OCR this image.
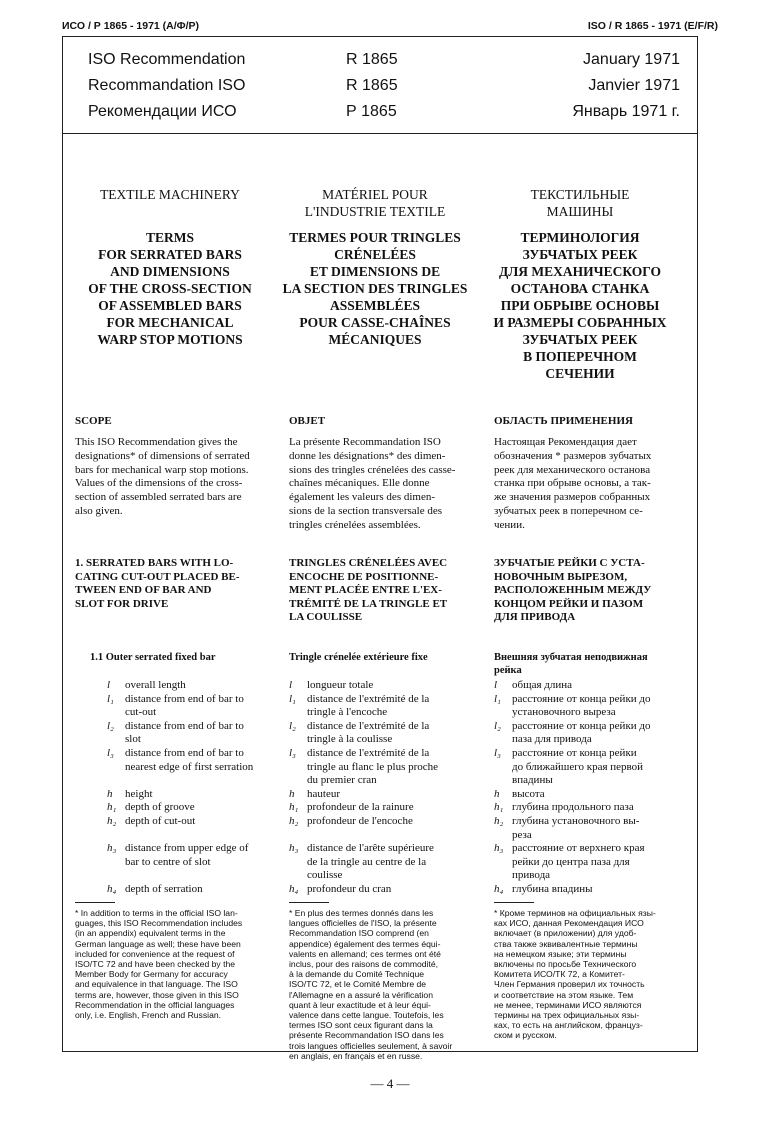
ИСО / Р 1865 - 1971 (А/Ф/Р)	ISO / R 1865 - 1971 (E/F/R)
ISO Recommendation	R 1865	January 1971
Recommandation ISO	R 1865	Janvier 1971
Рекомендации ИСО	Р 1865	Январь 1971 г.
TEXTILE MACHINERY
TERMS
FOR SERRATED BARS
AND DIMENSIONS
OF THE CROSS-SECTION
OF ASSEMBLED BARS
FOR MECHANICAL
WARP STOP MOTIONS
MATÉRIEL POUR
L'INDUSTRIE TEXTILE
TERMES POUR TRINGLES
CRÉNELÉES
ET DIMENSIONS DE
LA SECTION DES TRINGLES
ASSEMBLÉES
POUR CASSE-CHAÎNES
MÉCANIQUES
ТЕКСТИЛЬНЫЕ
МАШИНЫ
ТЕРМИНОЛОГИЯ
ЗУБЧАТЫХ РЕЕК
ДЛЯ МЕХАНИЧЕСКОГО
ОСТАНОВА СТАНКА
ПРИ ОБРЫВЕ ОСНОВЫ
И РАЗМЕРЫ СОБРАННЫХ
ЗУБЧАТЫХ РЕЕК
В ПОПЕРЕЧНОМ
СЕЧЕНИИ
SCOPE
This ISO Recommendation gives the
designations* of dimensions of serrated
bars for mechanical warp stop motions.
Values of the dimensions of the cross-
section of assembled serrated bars are
also given.
OBJET
La présente Recommandation ISO
donne les désignations* des dimen-
sions des tringles crénelées des casse-
chaînes mécaniques. Elle donne
également les valeurs des dimen-
sions de la section transversale des
tringles crénelées assemblées.
ОБЛАСТЬ ПРИМЕНЕНИЯ
Настоящая Рекомендация дает
обозначения * размеров зубчатых
реек для механического останова
станка при обрыве основы, а так-
же значения размеров собранных
зубчатых реек в поперечном се-
чении.
1. SERRATED BARS WITH LO-
CATING CUT-OUT PLACED BE-
TWEEN END OF BAR AND
SLOT FOR DRIVE
TRINGLES CRÉNELÉES AVEC
ENCOCHE DE POSITIONNE-
MENT PLACÉE ENTRE L'EX-
TRÉMITÉ DE LA TRINGLE ET
LA COULISSE
ЗУБЧАТЫЕ РЕЙКИ С УСТА-
НОВОЧНЫМ ВЫРЕЗОМ,
РАСПОЛОЖЕННЫМ МЕЖДУ
КОНЦОМ РЕЙКИ И ПАЗОМ
ДЛЯ ПРИВОДА
1.1 Outer serrated fixed bar	Tringle crénelée extérieure fixe	Внешняя зубчатая неподвижная
рейка
l	overall length
l₁	distance from end of bar to
cut-out
l₂	distance from end of bar to
slot
l₃	distance from end of bar to
nearest edge of first serration

h	height
h₁ depth of groove
h₂ depth of cut-out

h₃ distance from upper edge of
bar to centre of slot

h₄ depth of serration
l	longueur totale
l₁	distance de l'extrémité de la
tringle à l'encoche
l₂	distance de l'extrémité de la
tringle à la coulisse
l₃	distance de l'extrémité de la
tringle au flanc le plus proche
du premier cran
h	hauteur
h₁ profondeur de la rainure
h₂ profondeur de l'encoche

h₃ distance de l'arête supérieure
de la tringle au centre de la
coulisse
h₄ profondeur du cran
l	общая длина
l₁	расстояние от конца рейки до
установочного выреза
l₂	расстояние от конца рейки до
паза для привода
l₃	расстояние от конца рейки
до ближайшего края первой
впадины
h	высота
h₁ глубина продольного паза
h₂ глубина установочного вы-
реза
h₃ расстояние от верхнего края
рейки до центра паза для
привода
h₄ глубина впадины
* In addition to terms in the official ISO lan-
guages, this ISO Recommendation includes
(in an appendix) equivalent terms in the
German language as well; these have been
included for convenience at the request of
ISO/TC 72 and have been checked by the
Member Body for Germany for accuracy
and equivalence in that language. The ISO
terms are, however, those given in this ISO
Recommendation in the official languages
only, i.e. English, French and Russian.
* En plus des termes donnés dans les
langues officielles de l'ISO, la présente
Recommandation ISO comprend (en
appendice) également des termes équi-
valents en allemand; ces termes ont été
inclus, pour des raisons de commodité,
à la demande du Comité Technique
ISO/TC 72, et le Comité Membre de
l'Allemagne en a assuré la vérification
quant à leur exactitude et à leur équi-
valence dans cette langue. Toutefois, les
termes ISO sont ceux figurant dans la
présente Recommandation ISO dans les
trois langues officielles seulement, à savoir
en anglais, en français et en russe.
* Кроме терминов на официальных язы-
ках ИСО, данная Рекомендация ИСО
включает (в приложении) для удоб-
ства также эквивалентные термины
на немецком языке; эти термины
включены по просьбе Технического
Комитета ИСО/ТК 72, а Комитет-
Член Германия проверил их точность
и соответствие на этом языке. Тем
не менее, терминами ИСО являются
термины на трех официальных язы-
ках, то есть на английском, француз-
ском и русском.
— 4 —
